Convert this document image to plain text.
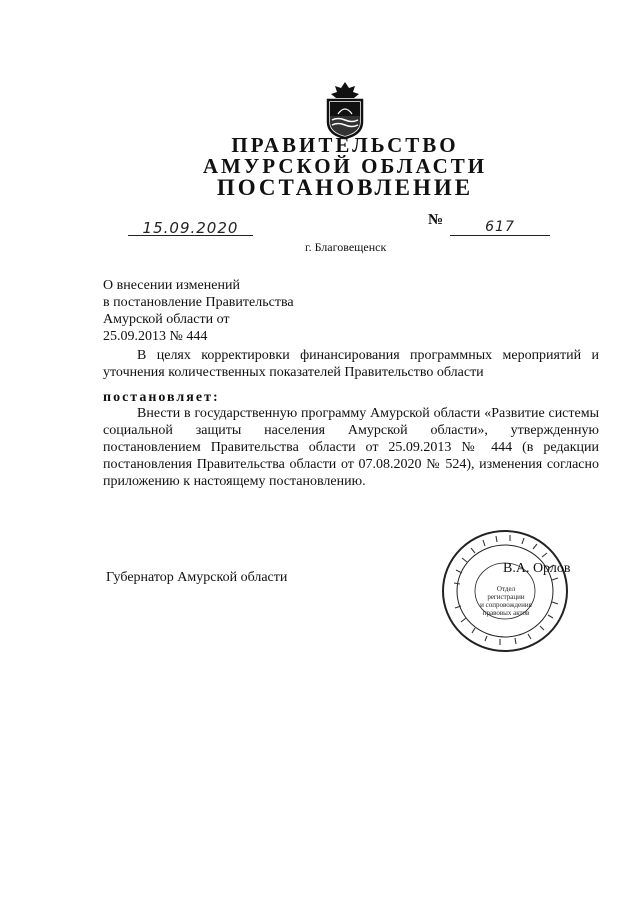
ПРАВИТЕЛЬСТВО
АМУРСКОЙ ОБЛАСТИ
ПОСТАНОВЛЕНИЕ
15.09.2020	№	617
г. Благовещенск
О внесении изменений
в постановление Правительства
Амурской области от
25.09.2013 № 444
В целях корректировки финансирования программных мероприятий и уточнения количественных показателей Правительство области
постановляет:
Внести в государственную программу Амурской области «Развитие системы социальной защиты населения Амурской области», утвержденную постановлением Правительства области от 25.09.2013 № 444 (в редакции постановления Правительства области от 07.08.2020 № 524), изменения согласно приложению к настоящему постановлению.
Губернатор Амурской области
Отдел
регистрации
и сопровождения
правовых актов
В.А. Орлов
